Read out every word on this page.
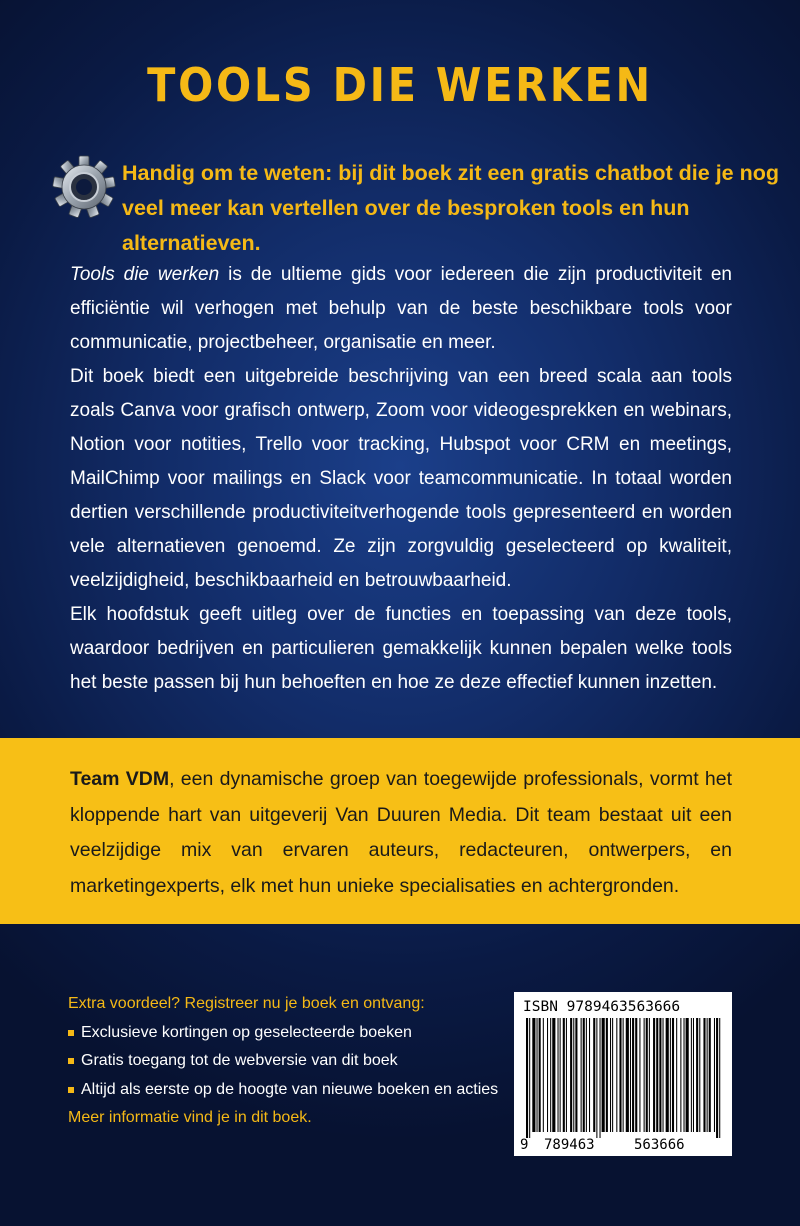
TOOLS DIE WERKEN
Handig om te weten: bij dit boek zit een gratis chatbot die je nog veel meer kan vertellen over de besproken tools en hun alternatieven.

Tools die werken is de ultieme gids voor iedereen die zijn productiviteit en efficiëntie wil verhogen met behulp van de beste beschikbare tools voor communicatie, projectbeheer, organisatie en meer.

Dit boek biedt een uitgebreide beschrijving van een breed scala aan tools zoals Canva voor grafisch ontwerp, Zoom voor videogesprekken en webinars, Notion voor notities, Trello voor tracking, Hubspot voor CRM en meetings, MailChimp voor mailings en Slack voor teamcommunicatie. In totaal worden dertien verschillende productiviteitverhogende tools gepresenteerd en worden vele alternatieven genoemd. Ze zijn zorgvuldig geselecteerd op kwaliteit, veelzijdigheid, beschikbaarheid en betrouwbaarheid.

Elk hoofdstuk geeft uitleg over de functies en toepassing van deze tools, waardoor bedrijven en particulieren gemakkelijk kunnen bepalen welke tools het beste passen bij hun behoeften en hoe ze deze effectief kunnen inzetten.

Team VDM, een dynamische groep van toegewijde professionals, vormt het kloppende hart van uitgeverij Van Duuren Media. Dit team bestaat uit een veelzijdige mix van ervaren auteurs, redacteuren, ontwerpers, en marketingexperts, elk met hun unieke specialisaties en achtergronden.
Extra voordeel? Registreer nu je boek en ontvang:
Exclusieve kortingen op geselecteerde boeken
Gratis toegang tot de webversie van dit boek
Altijd als eerste op de hoogte van nieuwe boeken en acties
Meer informatie vind je in dit boek.
ISBN 9789463563666
9 789463	563666
